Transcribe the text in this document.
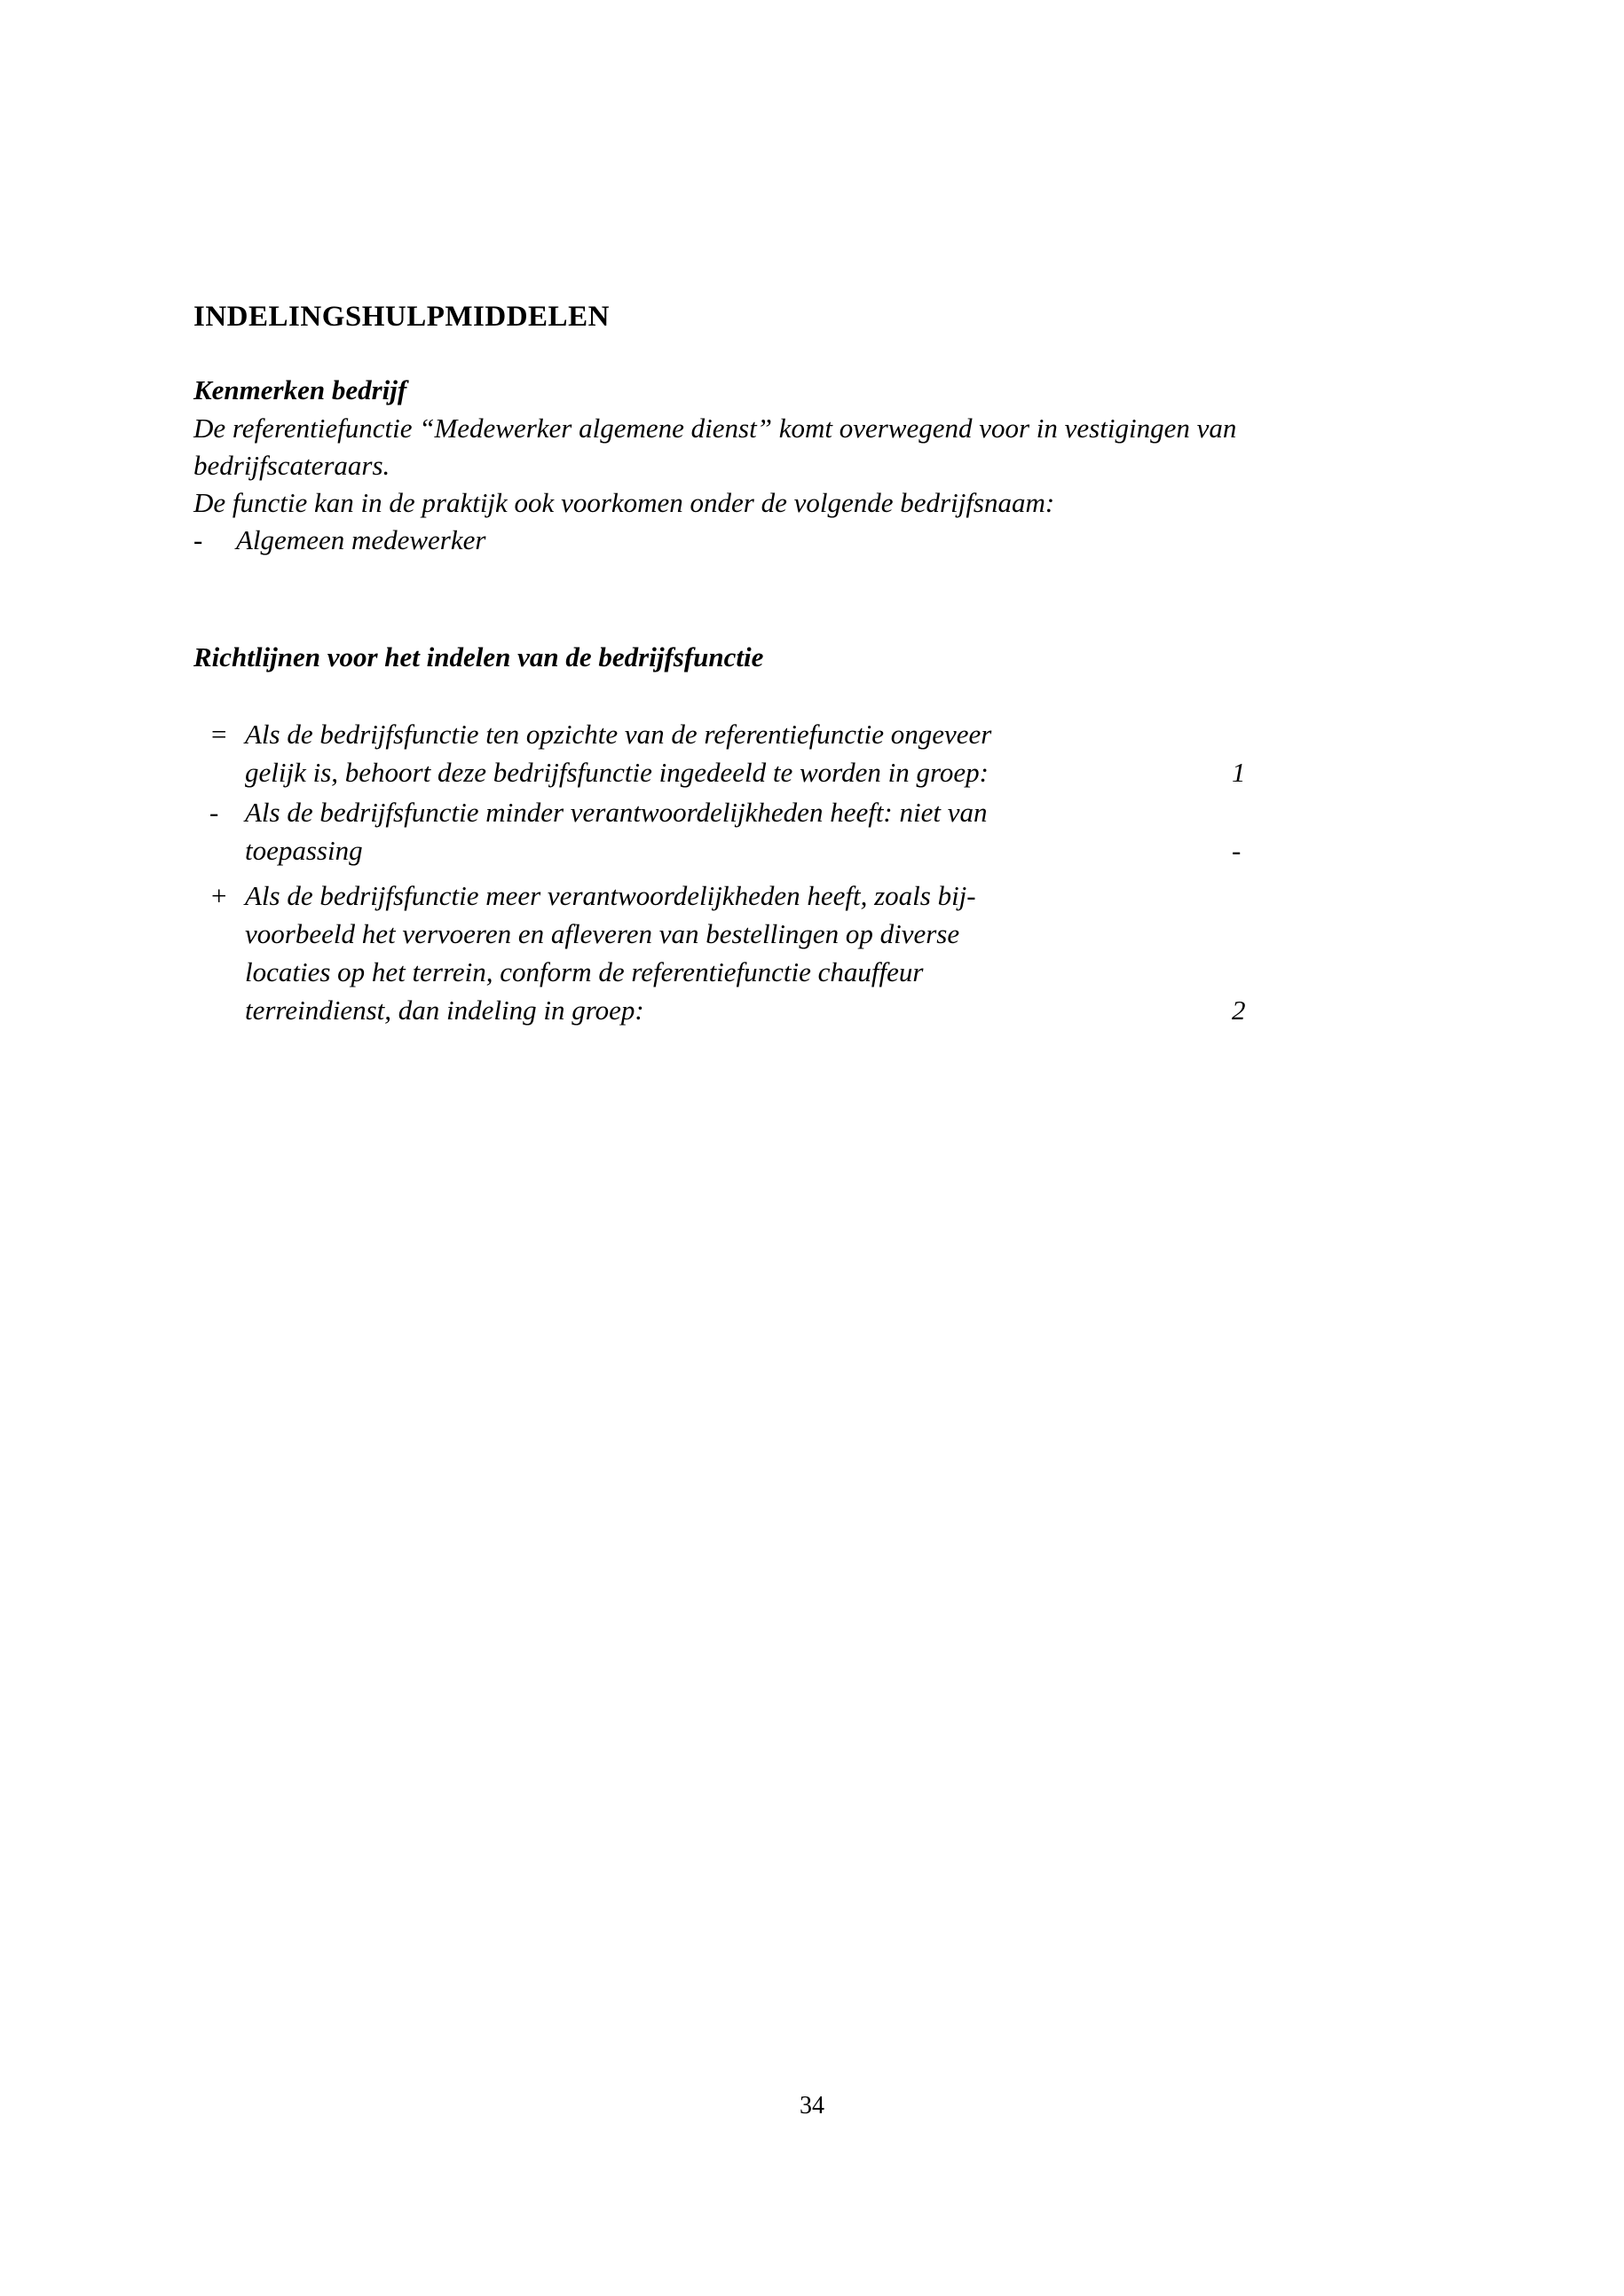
INDELINGSHULPMIDDELEN
Kenmerken bedrijf
De referentiefunctie “Medewerker algemene dienst” komt overwegend voor in vestigingen van
bedrijfscateraars.
De functie kan in de praktijk ook voorkomen onder de volgende bedrijfsnaam:
- Algemeen medewerker
Richtlijnen voor het indelen van de bedrijfsfunctie
= Als de bedrijfsfunctie ten opzichte van de referentiefunctie ongeveer
gelijk is, behoort deze bedrijfsfunctie ingedeeld te worden in groep:	1
- Als de bedrijfsfunctie minder verantwoordelijkheden heeft: niet van
toepassing	-
+ Als de bedrijfsfunctie meer verantwoordelijkheden heeft, zoals bij-
voorbeeld het vervoeren en afleveren van bestellingen op diverse
locaties op het terrein, conform de referentiefunctie chauffeur
terreindienst, dan indeling in groep:	2
34
